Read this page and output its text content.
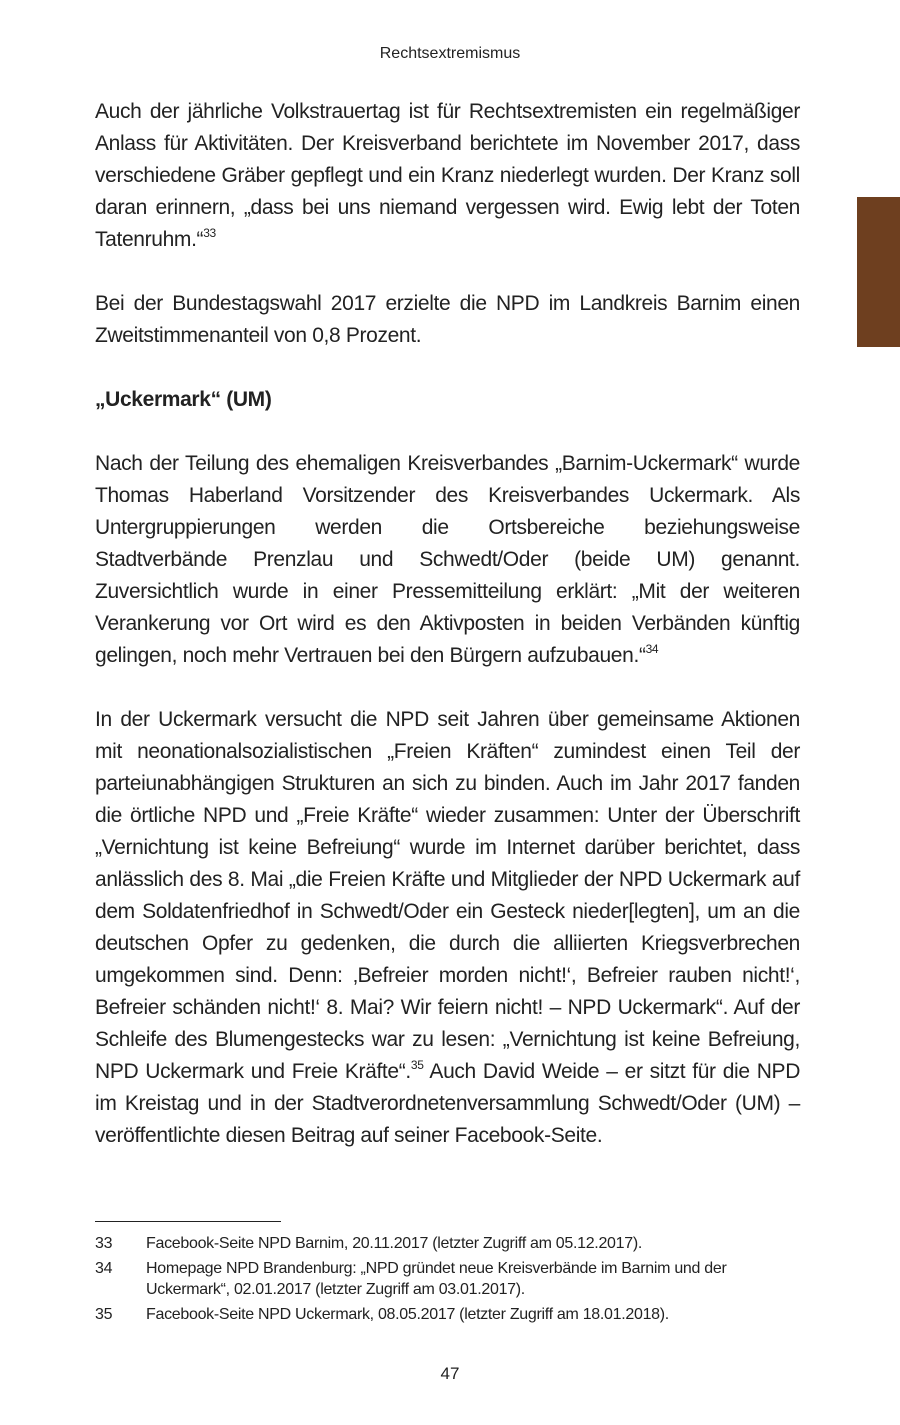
Rechtsextremismus

Auch der jährliche Volkstrauertag ist für Rechtsextremisten ein regelmäßiger Anlass für Aktivitäten. Der Kreisverband berichtete im November 2017, dass verschiedene Gräber gepflegt und ein Kranz niederlegt wurden. Der Kranz soll daran erinnern, „dass bei uns niemand vergessen wird. Ewig lebt der Toten Tatenruhm.“$^{33}$

Bei der Bundestagswahl 2017 erzielte die NPD im Landkreis Barnim einen Zweitstimmenanteil von 0,8 Prozent.

„Uckermark“ (UM)

Nach der Teilung des ehemaligen Kreisverbandes „Barnim-Uckermark“ wurde Thomas Haberland Vorsitzender des Kreisverbandes Uckermark. Als Untergruppierungen werden die Ortsbereiche beziehungsweise Stadtverbände Prenzlau und Schwedt/Oder (beide UM) genannt. Zuversichtlich wurde in einer Pressemitteilung erklärt: „Mit der weiteren Verankerung vor Ort wird es den Aktivposten in beiden Verbänden künftig gelingen, noch mehr Vertrauen bei den Bürgern aufzubauen.“$^{34}$

In der Uckermark versucht die NPD seit Jahren über gemeinsame Aktionen mit neonationalsozialistischen „Freien Kräften“ zumindest einen Teil der parteiunabhängigen Strukturen an sich zu binden. Auch im Jahr 2017 fanden die örtliche NPD und „Freie Kräfte“ wieder zusammen: Unter der Überschrift „Vernichtung ist keine Befreiung“ wurde im Internet darüber berichtet, dass anlässlich des 8. Mai „die Freien Kräfte und Mitglieder der NPD Uckermark auf dem Soldatenfriedhof in Schwedt/Oder ein Gesteck nieder[legten], um an die deutschen Opfer zu gedenken, die durch die alliierten Kriegsverbrechen umgekommen sind. Denn: ‚Befreier morden nicht!‘, Befreier rauben nicht!‘, Befreier schänden nicht!‘ 8. Mai? Wir feiern nicht! – NPD Uckermark“. Auf der Schleife des Blumengestecks war zu lesen: „Vernichtung ist keine Befreiung, NPD Uckermark und Freie Kräfte“.$^{35}$ Auch David Weide – er sitzt für die NPD im Kreistag und in der Stadtverordnetenversammlung Schwedt/Oder (UM) – veröffentlichte diesen Beitrag auf seiner Facebook-Seite.

33	Facebook-Seite NPD Barnim, 20.11.2017 (letzter Zugriff am 05.12.2017).
34	Homepage NPD Brandenburg: „NPD gründet neue Kreisverbände im Barnim und der Uckermark“, 02.01.2017 (letzter Zugriff am 03.01.2017).
35	Facebook-Seite NPD Uckermark, 08.05.2017 (letzter Zugriff am 18.01.2018).
47
